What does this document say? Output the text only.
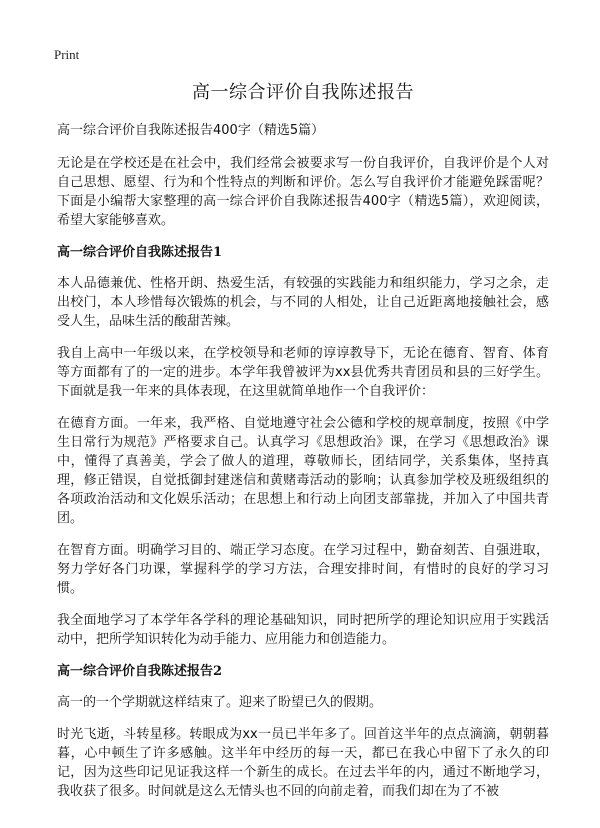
Print
高一综合评价自我陈述报告
高一综合评价自我陈述报告400字（精选5篇）

无论是在学校还是在社会中，我们经常会被要求写一份自我评价，自我评价是个人对自己思想、愿望、行为和个性特点的判断和评价。怎么写自我评价才能避免踩雷呢？下面是小编帮大家整理的高一综合评价自我陈述报告400字（精选5篇），欢迎阅读，希望大家能够喜欢。

高一综合评价自我陈述报告1

本人品德兼优、性格开朗、热爱生活，有较强的实践能力和组织能力，学习之余，走出校门，本人珍惜每次锻炼的机会，与不同的人相处，让自己近距离地接触社会，感受人生，品味生活的酸甜苦辣。

我自上高中一年级以来，在学校领导和老师的谆谆教导下，无论在德育、智育、体育等方面都有了的一定的进步。本学年我曾被评为xx县优秀共青团员和县的三好学生。下面就是我一年来的具体表现，在这里就简单地作一个自我评价：

在德育方面。一年来，我严格、自觉地遵守社会公德和学校的规章制度，按照《中学生日常行为规范》严格要求自己。认真学习《思想政治》课，在学习《思想政治》课中，懂得了真善美，学会了做人的道理，尊敬师长，团结同学，关系集体，坚持真理，修正错误，自觉抵御封建迷信和黄赌毒活动的影响；认真参加学校及班级组织的各项政治活动和文化娱乐活动；在思想上和行动上向团支部靠拢，并加入了中国共青团。

在智育方面。明确学习目的、端正学习态度。在学习过程中，勤奋刻苦、自强进取，努力学好各门功课，掌握科学的学习方法，合理安排时间，有惜时的良好的学习习惯。

我全面地学习了本学年各学科的理论基础知识，同时把所学的理论知识应用于实践活动中，把所学知识转化为动手能力、应用能力和创造能力。

高一综合评价自我陈述报告2

高一的一个学期就这样结束了。迎来了盼望已久的假期。

时光飞逝，斗转星移。转眼成为xx一员已半年多了。回首这半年的点点滴滴，朝朝暮暮，心中顿生了许多感触。这半年中经历的每一天，都已在我心中留下了永久的印记，因为这些印记见证我这样一个新生的成长。在过去半年的内，通过不断地学习，我收获了很多。时间就是这么无情头也不回的向前走着，而我们却在为了不被
